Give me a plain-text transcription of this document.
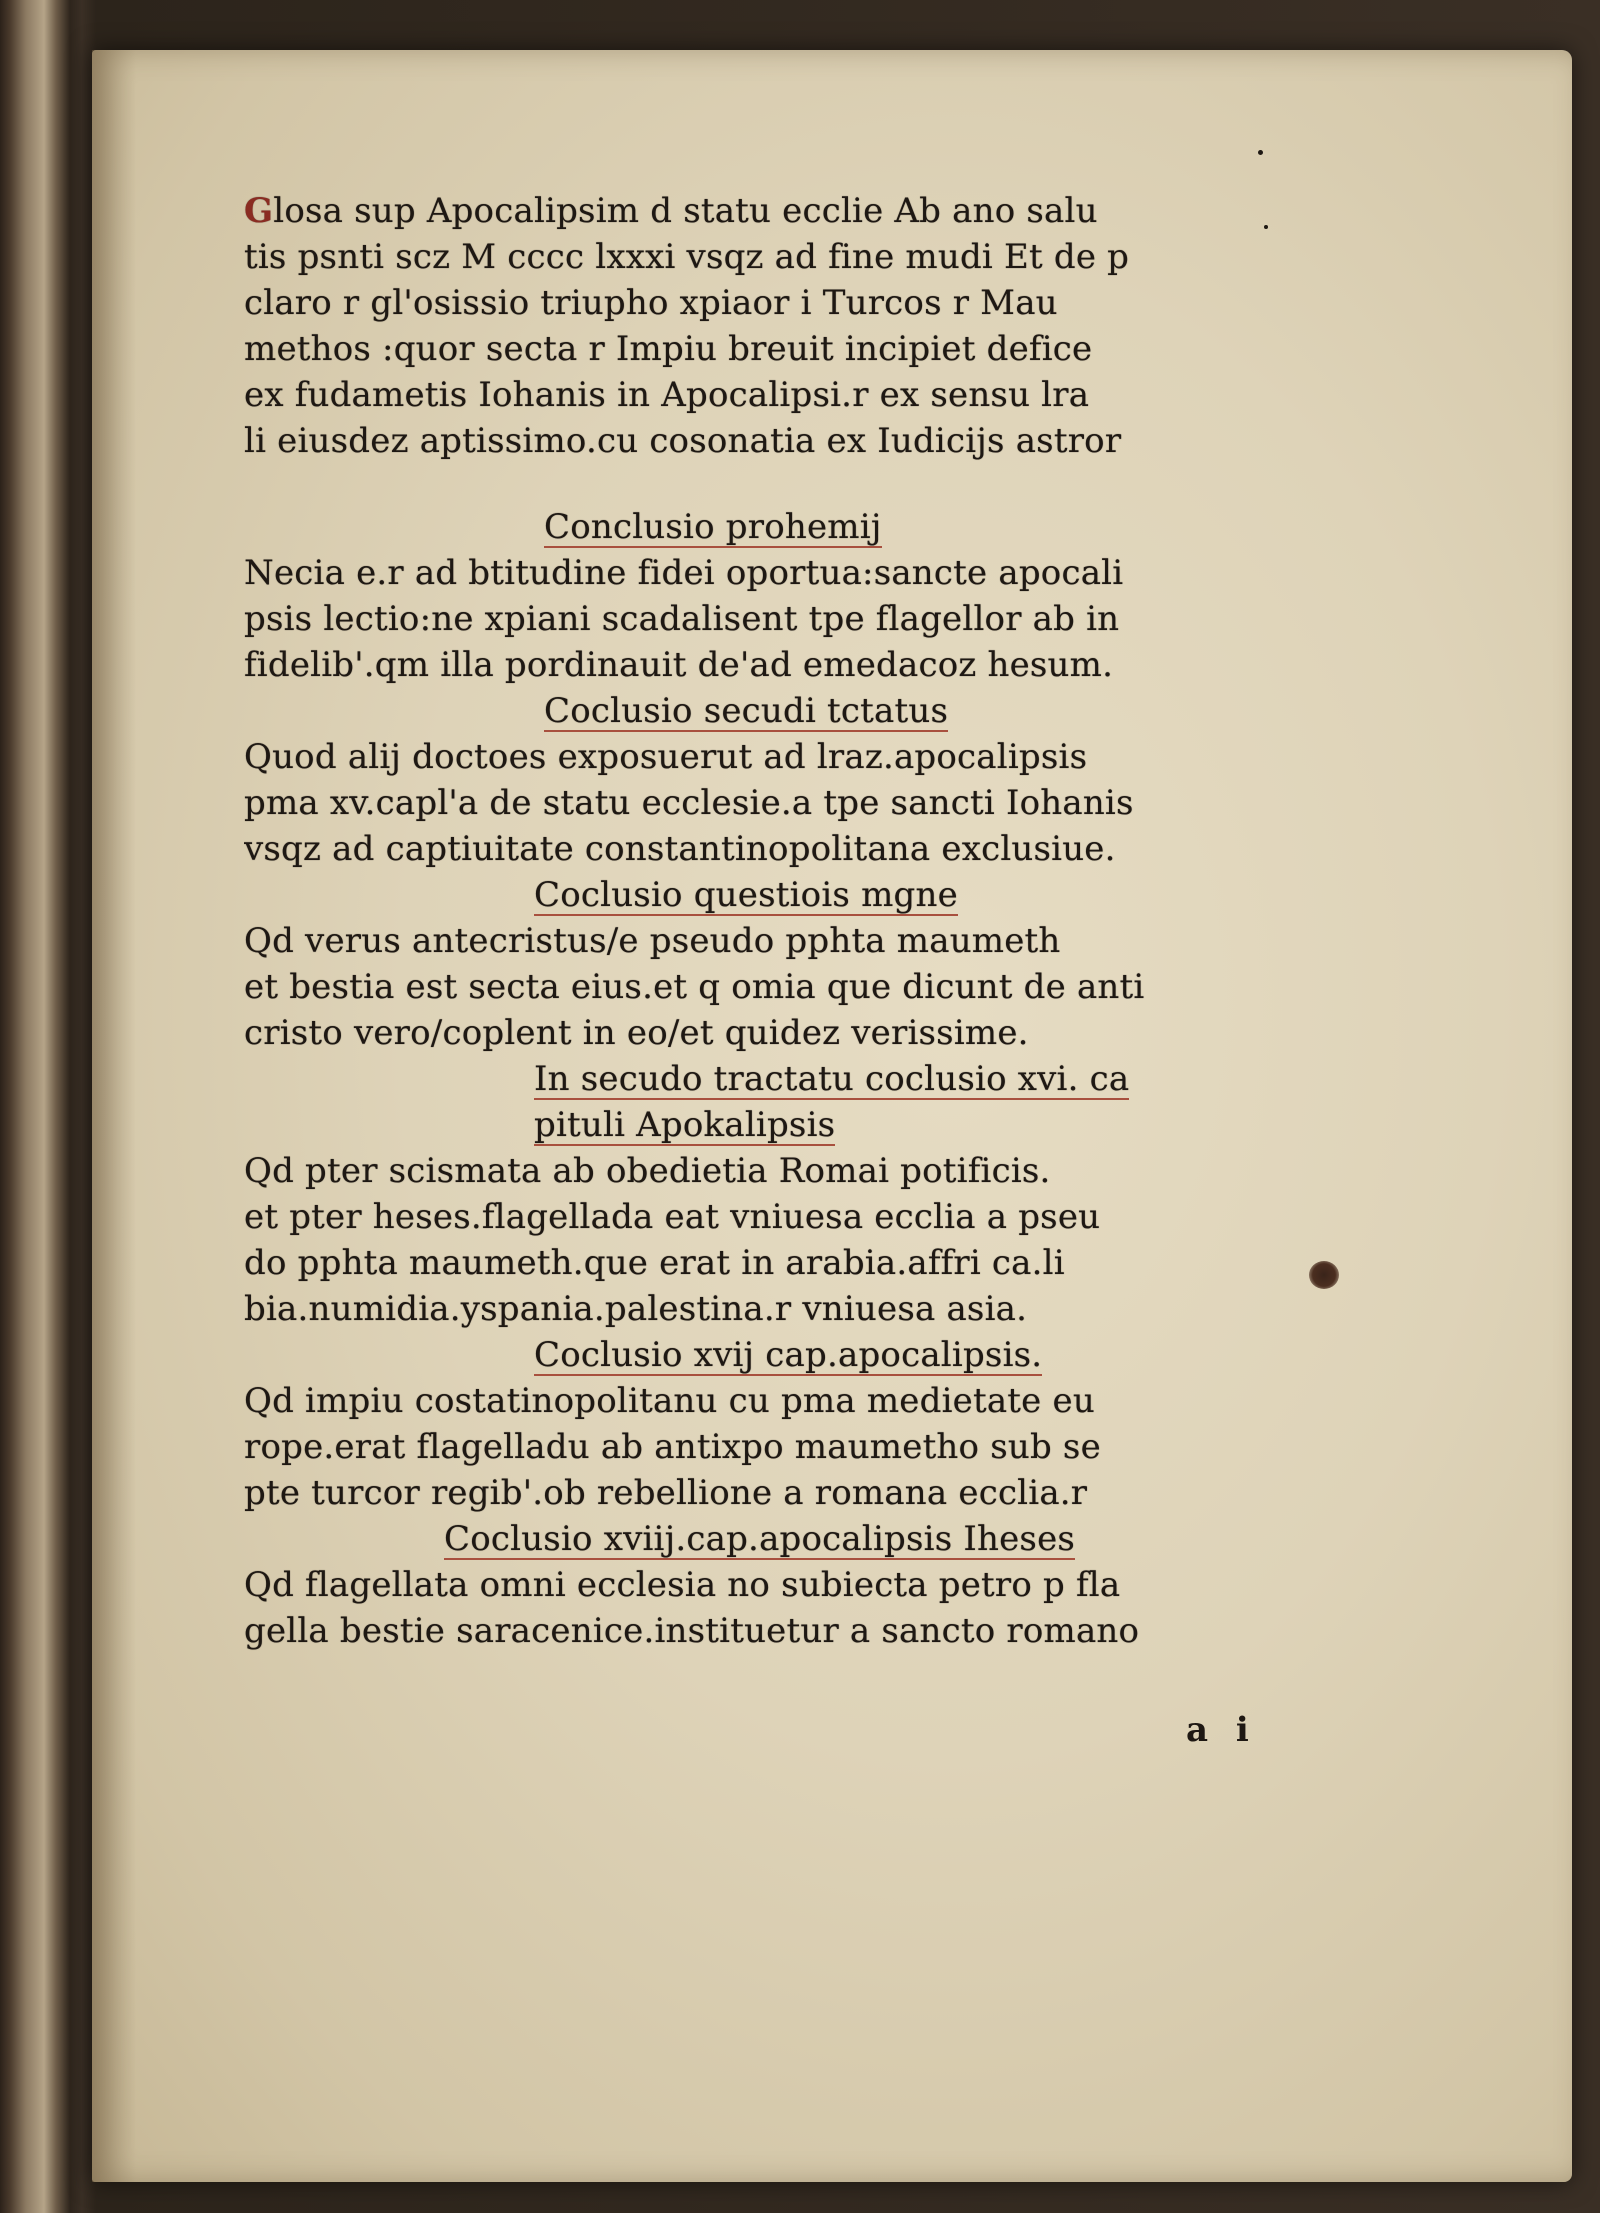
Glosa sup Apocalipsim d statu ecclie Ab ano salu
tis psnti scz M cccc lxxxi vsqz ad fine mudi Et de p
claro r gl'osissio triupho xpiaor i Turcos r Mau
methos :quor secta r Impiu breuit incipiet defice
ex fudametis Iohanis in Apocalipsi.r ex sensu lra
li eiusdez aptissimo.cu cosonatia ex Iudicijs astror
Conclusio prohemij
Necia e.r ad btitudine fidei oportua:sancte apocali
psis lectio:ne xpiani scadalisent tpe flagellor ab in
fidelib'.qm illa pordinauit de'ad emedacoz hesum.
Coclusio secudi tctatus
Quod alij doctoes exposuerut ad lraz.apocalipsis
pma xv.capl'a de statu ecclesie.a tpe sancti Iohanis
vsqz ad captiuitate constantinopolitana exclusiue.
Coclusio questiois mgne
Qd verus antecristus/e pseudo pphta maumeth
et bestia est secta eius.et q omia que dicunt de anti
cristo vero/coplent in eo/et quidez verissime.
In secudo tractatu coclusio xvi. ca
pituli Apokalipsis
Qd pter scismata ab obedietia Romai potificis.
et pter heses.flagellada eat vniuesa ecclia a pseu
do pphta maumeth.que erat in arabia.affri ca.li
bia.numidia.yspania.palestina.r vniuesa asia.
Coclusio xvij cap.apocalipsis.
Qd impiu costatinopolitanu cu pma medietate eu
rope.erat flagelladu ab antixpo maumetho sub se
pte turcor regib'.ob rebellione a romana ecclia.r
Coclusio xviij.cap.apocalipsis Iheses
Qd flagellata omni ecclesia no subiecta petro p fla
gella bestie saracenice.instituetur a sancto romano
a i
